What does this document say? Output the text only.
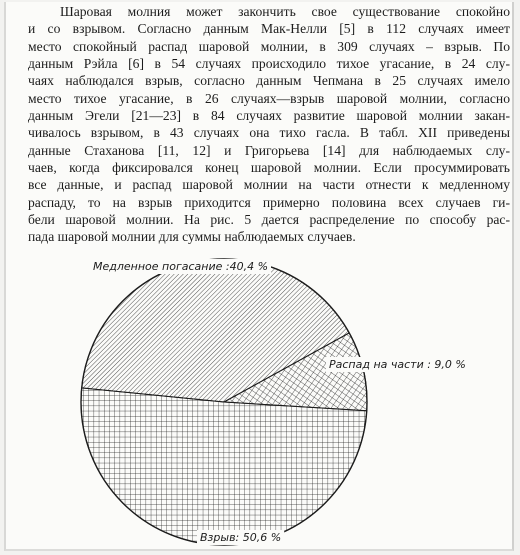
Шаровая молния может закончить свое существование спокойно
и со взрывом. Согласно данным Мак-Нелли [5] в 112 случаях имеет
место спокойный распад шаровой молнии, в 309 случаях – взрыв. По
данным Рэйла [6] в 54 случаях происходило тихое угасание, в 24 слу-
чаях наблюдался взрыв, согласно данным Чепмана в 25 случаях имело
место тихое угасание, в 26 случаях—взрыв шаровой молнии, согласно
данным Эгели [21—23] в 84 случаях развитие шаровой молнии закан-
чивалось взрывом, в 43 случаях она тихо гасла. В табл. XII приведены
данные Стаханова [11, 12] и Григорьева [14] для наблюдаемых слу-
чаев, когда фиксировался конец шаровой молнии. Если просуммировать
все данные, и распад шаровой молнии на части отнести к медленному
распаду, то на взрыв приходится примерно половина всех случаев ги-
бели шаровой молнии. На рис. 5 дается распределение по способу рас-
пада шаровой молнии для суммы наблюдаемых случаев.
Медленное погасание :40,4 %
Распад на части : 9,0 %
Взрыв: 50,6 %
